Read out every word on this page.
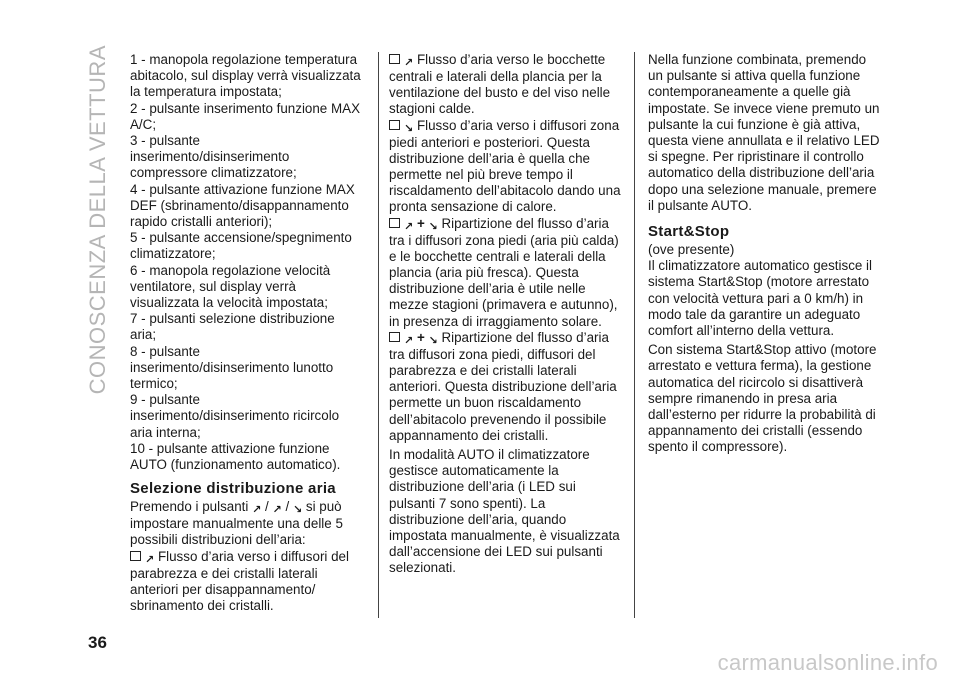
CONOSCENZA DELLA VETTURA 1 - manopola regolazione temperatura abitacolo, sul display verrà visualizzata la temperatura impostata;

2 - pulsante inserimento funzione MAX A/C;

3 - pulsante inserimento/disinserimento compressore climatizzatore;

4 - pulsante attivazione funzione MAX DEF (sbrinamento/disappannamento rapido cristalli anteriori);

5 - pulsante accensione/spegnimento climatizzatore;

6 - manopola regolazione velocità ventilatore, sul display verrà visualizzata la velocità impostata;

7 - pulsanti selezione distribuzione aria;

8 - pulsante inserimento/disinserimento lunotto termico;

9 - pulsante inserimento/disinserimento ricircolo aria interna;

10 - pulsante attivazione funzione AUTO (funzionamento automatico).

Selezione distribuzione aria

Premendo i pulsanti ↗ / ↗ / ↘ si può impostare manualmente una delle 5 possibili distribuzioni dell’aria:

↗ Flusso d’aria verso i diffusori del parabrezza e dei cristalli laterali anteriori per disappannamento/ sbrinamento dei cristalli.

↗ Flusso d’aria verso le bocchette centrali e laterali della plancia per la ventilazione del busto e del viso nelle stagioni calde.

↘ Flusso d’aria verso i diffusori zona piedi anteriori e posteriori. Questa distribuzione dell’aria è quella che permette nel più breve tempo il riscaldamento dell’abitacolo dando una pronta sensazione di calore.

↗ + ↘ Ripartizione del flusso d’aria tra i diffusori zona piedi (aria più calda) e le bocchette centrali e laterali della plancia (aria più fresca). Questa distribuzione dell’aria è utile nelle mezze stagioni (primavera e autunno), in presenza di irraggiamento solare.

↗ + ↘ Ripartizione del flusso d’aria tra diffusori zona piedi, diffusori del parabrezza e dei cristalli laterali anteriori. Questa distribuzione dell’aria permette un buon riscaldamento dell’abitacolo prevenendo il possibile appannamento dei cristalli.

In modalità AUTO il climatizzatore gestisce automaticamente la distribuzione dell’aria (i LED sui pulsanti 7 sono spenti). La distribuzione dell’aria, quando impostata manualmente, è visualizzata dall’accensione dei LED sui pulsanti selezionati.

Nella funzione combinata, premendo un pulsante si attiva quella funzione contemporaneamente a quelle già impostate. Se invece viene premuto un pulsante la cui funzione è già attiva, questa viene annullata e il relativo LED si spegne. Per ripristinare il controllo automatico della distribuzione dell’aria dopo una selezione manuale, premere il pulsante AUTO.

Start&Stop

(ove presente)

Il climatizzatore automatico gestisce il sistema Start&Stop (motore arrestato con velocità vettura pari a 0 km/h) in modo tale da garantire un adeguato comfort all’interno della vettura.

Con sistema Start&Stop attivo (motore arrestato e vettura ferma), la gestione automatica del ricircolo si disattiverà sempre rimanendo in presa aria dall’esterno per ridurre la probabilità di appannamento dei cristalli (essendo spento il compressore).

36
carmanualsonline.info
